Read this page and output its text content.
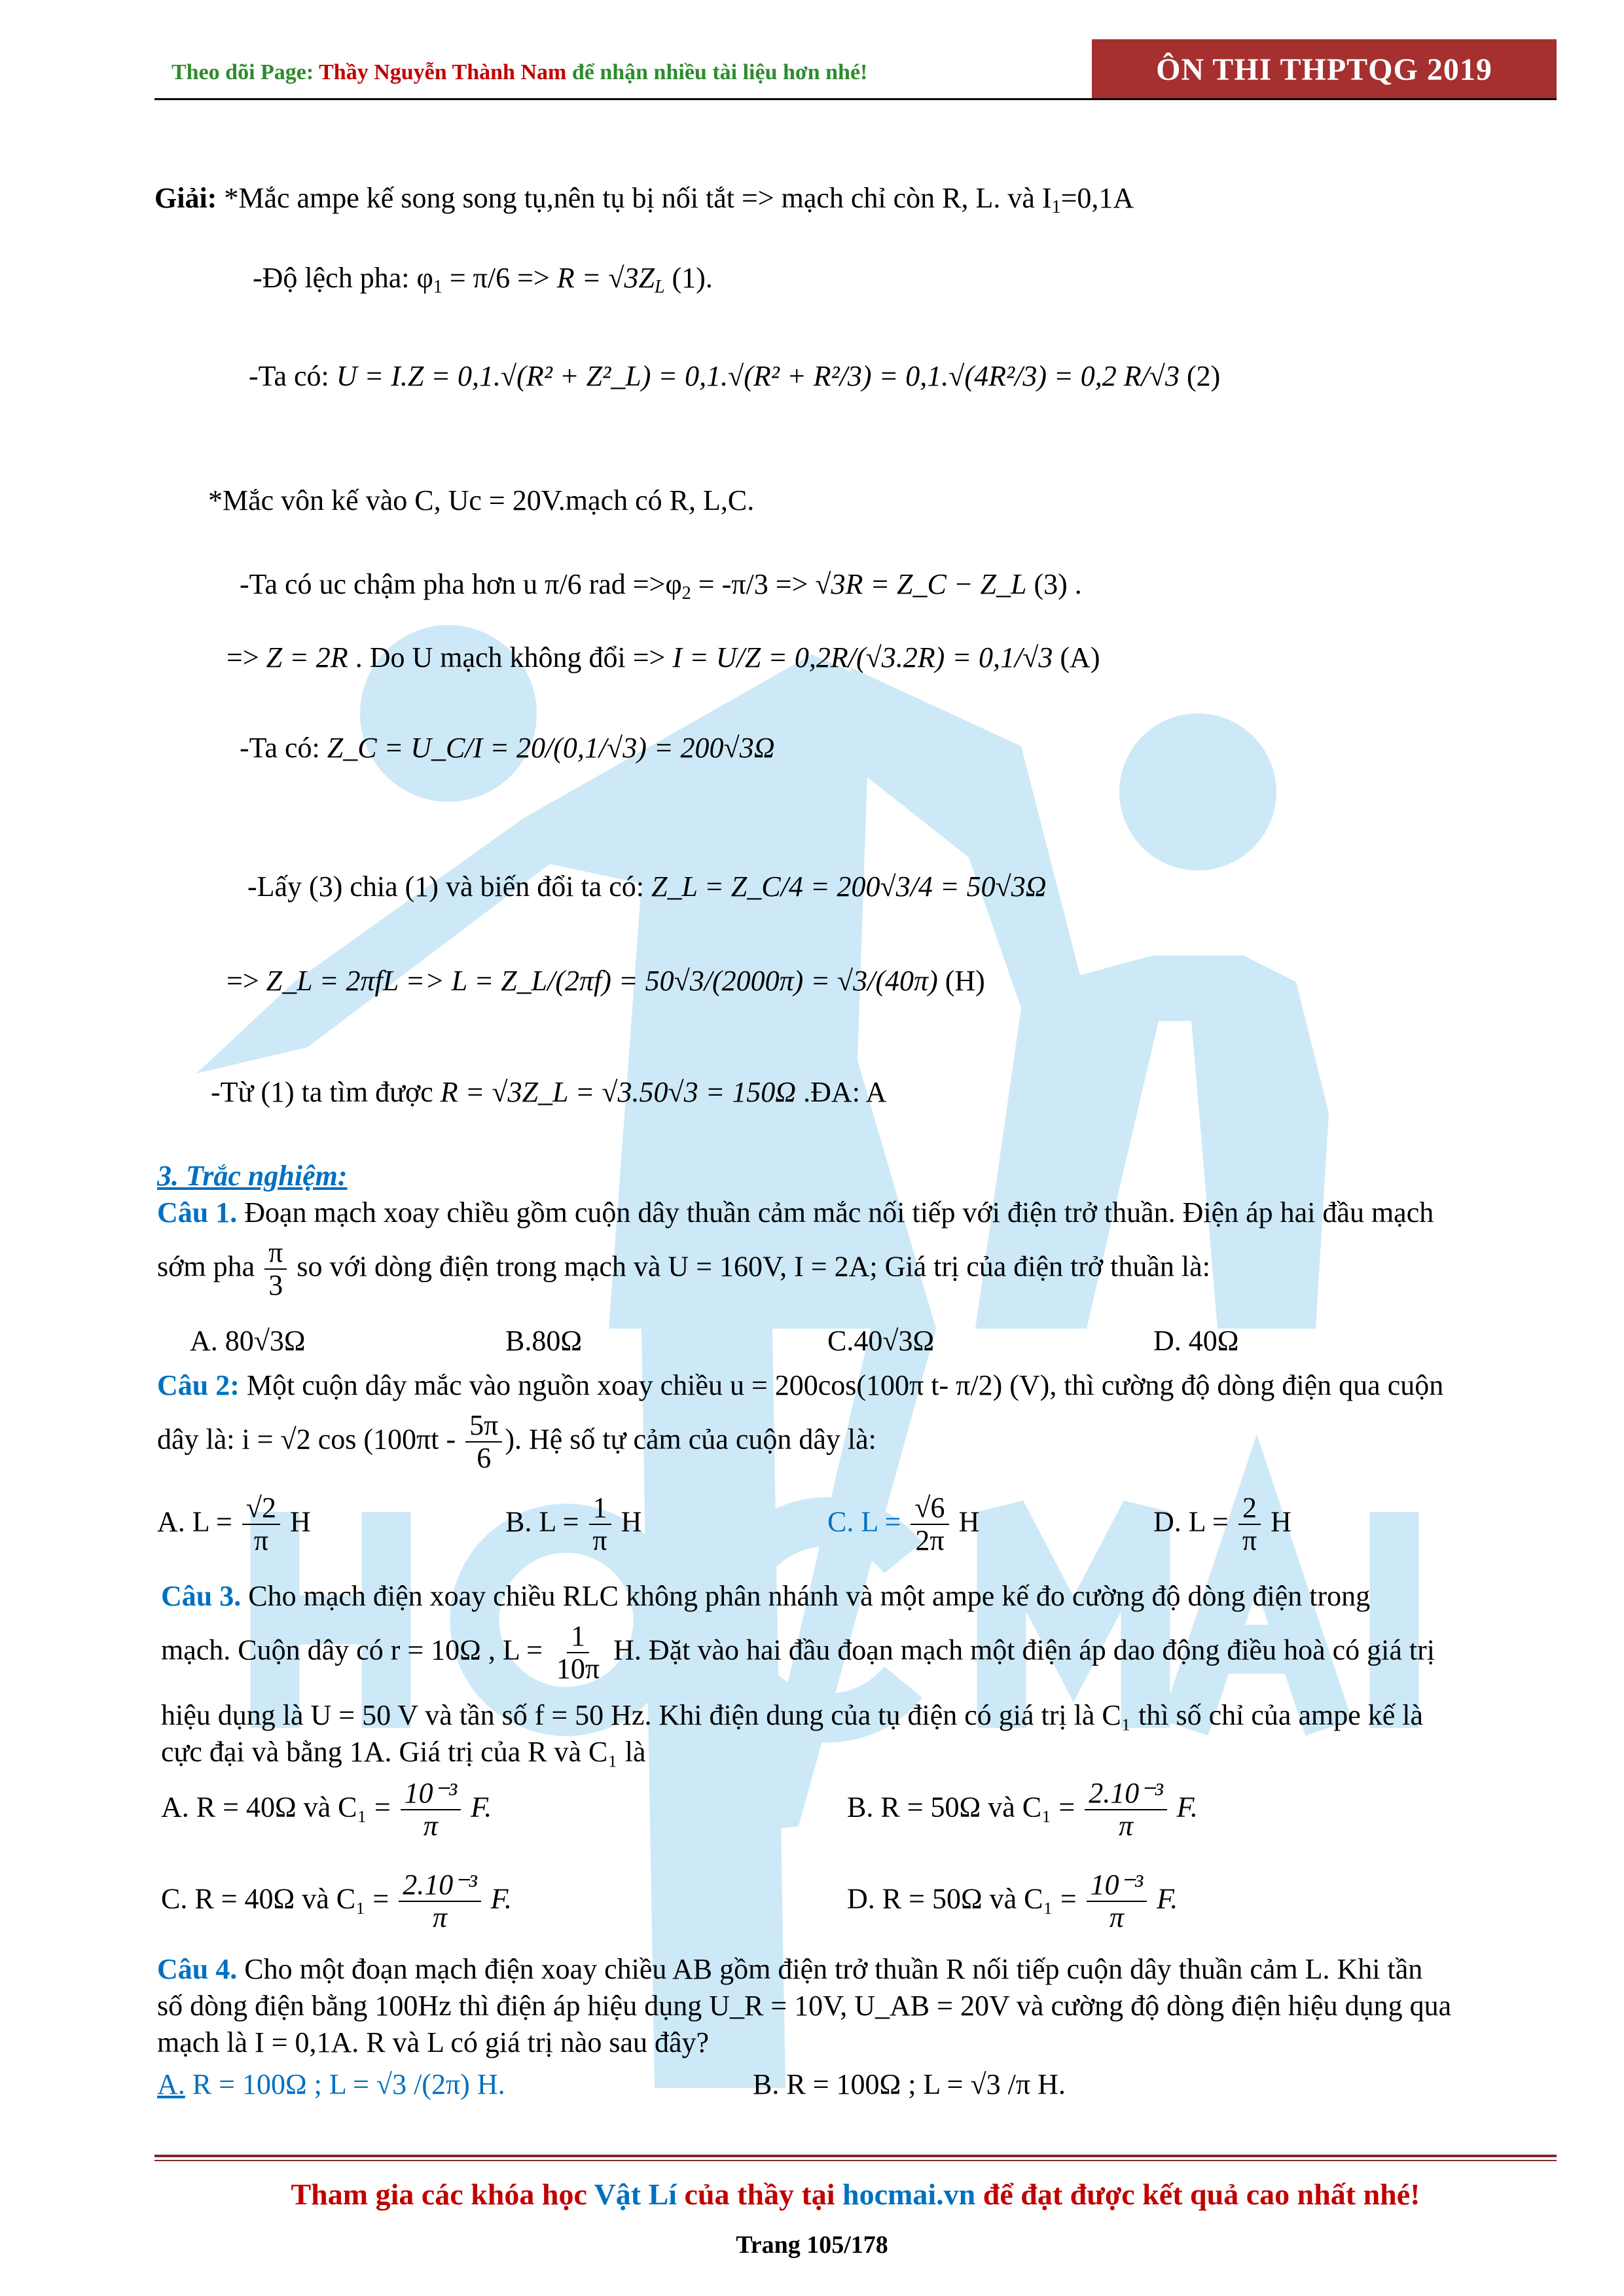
Theo dõi Page: Thầy Nguyễn Thành Nam để nhận nhiều tài liệu hơn nhé!	ÔN THI THPTQG 2019
Giải: *Mắc ampe kế song song tụ,nên tụ bị nối tắt => mạch chỉ còn R, L. và $I_1=0,1A$
-Độ lệch pha: $\varphi_1 = \pi/6 => R = √3Z_L$ (1).
-Ta có: U = I.Z = 0,1.√(R² + Z²_L) = 0,1.√(R² + R²/3) = 0,1.√(4R²/3) = 0,2 R/√3 (2)
*Mắc vôn kế vào C, Uc = 20V.mạch có R, L,C.
-Ta có uc chậm pha hơn u π/6 rad $=>\varphi_2 = -\pi/3 => √3R$ = Z_C − Z_L (3) .
=> Z = 2R . Do U mạch không đổi => I = U/Z = 0,2R/(√3.2R) = 0,1/√3 (A)
-Ta có: Z_C = U_C/I = 20/(0,1/√3) = 200√3Ω
-Lấy (3) chia (1) và biến đổi ta có: Z_L = Z_C/4 = 200√3/4 = 50√3Ω
=> Z_L = 2πfL => L = Z_L/(2πf) = 50√3/(2000π) = √3/(40π) (H)
-Từ (1) ta tìm được R = √3Z_L = √3.50√3 = 150Ω .ĐA: A
3. Trắc nghiệm:
Câu 1. Đoạn mạch xoay chiều gồm cuộn dây thuần cảm mắc nối tiếp với điện trở thuần. Điện áp hai đầu mạch
sớm pha $\frac{\pi}{3}$ so với dòng điện trong mạch và U = 160V, I = 2A; Giá trị của điện trở thuần là:
A. 80√3Ω	B.80Ω	C.40√3Ω	D. 40Ω
Câu 2: Một cuộn dây mắc vào nguồn xoay chiều u = 200cos(100π t- π/2) (V), thì cường độ dòng điện qua cuộn
dây là: i = √2 $\cos (100\pi t - \frac{5\pi}{6}$ ). Hệ số tự cảm của cuộn dây là:
A. $L = \frac{√2}{\pi}$ H	B. $L = \frac{1}{\pi}$ H	C. $L = \frac{√6}{2\pi}$ H	D. $L = \frac{2}{\pi}$ H
Câu 3. Cho mạch điện xoay chiều RLC không phân nhánh và một ampe kế đo cường độ dòng điện trong
mạch. Cuộn dây có r = 10Ω , $L = \frac{1}{10\pi} H$. Đặt vào hai đầu đoạn mạch một điện áp dao động điều hoà có giá trị
hiệu dụng là U = 50 V và tần số f = 50 Hz. Khi điện dung của tụ điện có giá trị là C₁ thì số chỉ của ampe kế là
cực đại và bằng 1A. Giá trị của R và C₁ là
A. R = 40Ω và $C_1 = \frac{\text{10⁻³}}{\pi} F$.	B. R = 50Ω và $C_1 = \frac{\text{2.10⁻³}}{\pi} F$.
C. R = 40Ω và $C_1 = \frac{\text{2.10⁻³}}{\pi} F$.	D. R = 50Ω và $C_1 = \frac{\text{10⁻³}}{\pi} F$.
Câu 4. Cho một đoạn mạch điện xoay chiều AB gồm điện trở thuần R nối tiếp cuộn dây thuần cảm L. Khi tần
số dòng điện bằng 100Hz thì điện áp hiệu dụng U_R = 10V, U_AB = 20V và cường độ dòng điện hiệu dụng qua
mạch là I = 0,1A. R và L có giá trị nào sau đây?
A. R = 100Ω ; L = √3 /(2π) H.	B. R = 100Ω ; L = √3 /π H.
Tham gia các khóa học Vật Lí của thầy tại hocmai.vn để đạt được kết quả cao nhất nhé!
Trang 105/178
